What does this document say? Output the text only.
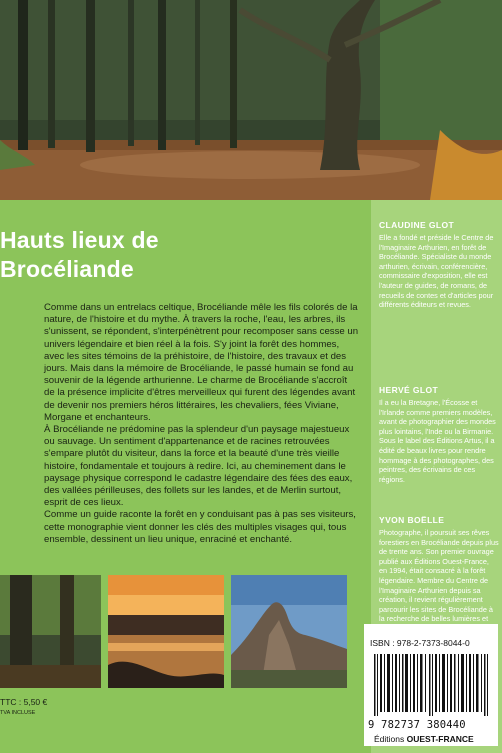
Hauts lieux de
Brocéliande

Comme dans un entrelacs celtique, Brocéliande mêle les fils colorés de la nature, de l'histoire et du mythe. À travers la roche, l'eau, les arbres, ils s'unissent, se répondent, s'interpénètrent pour recomposer sans cesse un univers légendaire et bien réel à la fois. S'y joint la forêt des hommes, avec les sites témoins de la préhistoire, de l'histoire, des travaux et des jours. Mais dans la mémoire de Brocéliande, le passé humain se fond au souvenir de la légende arthurienne. Le charme de Brocéliande s'accroît de la présence implicite d'êtres merveilleux qui furent des légendes avant de devenir nos premiers héros littéraires, les chevaliers, fées Viviane, Morgane et enchanteurs.

À Brocéliande ne prédomine pas la splendeur d'un paysage majestueux ou sauvage. Un sentiment d'appartenance et de racines retrouvées s'empare plutôt du visiteur, dans la force et la beauté d'une très vieille histoire, fondamentale et toujours à redire. Ici, au cheminement dans le paysage physique correspond le cadastre légendaire des fées des eaux, des vallées périlleuses, des follets sur les landes, et de Merlin surtout, esprit de ces lieux.

Comme un guide raconte la forêt en y conduisant pas à pas ses visiteurs, cette monographie vient donner les clés des multiples visages qui, tous ensemble, dessinent un lieu unique, enraciné et enchanté.

CLAUDINE GLOT

Elle a fondé et préside le Centre de l'Imaginaire Arthurien, en forêt de Brocéliande. Spécialiste du monde arthurien, écrivain, conférencière, commissaire d'exposition, elle est l'auteur de guides, de romans, de recueils de contes et d'articles pour différents éditeurs et revues.

HERVÉ GLOT

Il a eu la Bretagne, l'Écosse et l'Irlande comme premiers modèles, avant de photographier des mondes plus lointains, l'Inde ou la Birmanie. Sous le label des Éditions Artus, il a édité de beaux livres pour rendre hommage à des photographes, des peintres, des écrivains de ces régions.

YVON BOËLLE

Photographe, il poursuit ses rêves forestiers en Brocéliande depuis plus de trente ans. Son premier ouvrage publié aux Éditions Ouest-France, en 1994, était consacré à la forêt légendaire. Membre du Centre de l'Imaginaire Arthurien depuis sa création, il revient régulièrement parcourir les sites de Brocéliande à la recherche de belles lumières et

TTC : 5,50 €
TVA INCLUSE
ISBN : 978-2-7373-8044-0
9 782737 380440
Éditions OUEST-FRANCE
